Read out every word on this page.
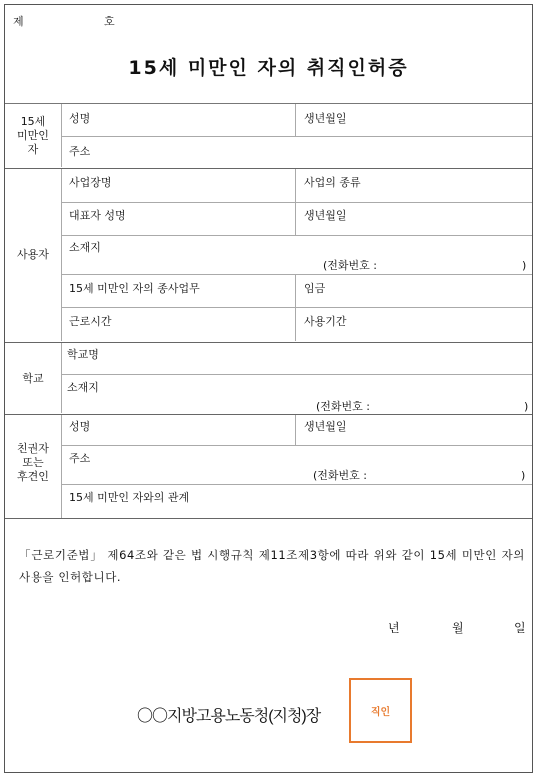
제	호
15세 미만인 자의 취직인허증
15세
미만인
자
성명	생년월일
주소
사용자
사업장명	사업의 종류
대표자 성명	생년월일
소재지
(전화번호 :	)
15세 미만인 자의 종사업무	임금
근로시간	사용기간
학교
학교명
소재지
(전화번호 :	)
친권자
또는
후견인
성명	생년월일
주소
(전화번호 :	)
15세 미만인 자와의 관계
「근로기준법」 제64조와 같은 법 시행규칙 제11조제3항에 따라 위와 같이 15세 미만인 자의 사용을 인허합니다.
년	월	일
〇〇지방고용노동청(지청)장	직인
